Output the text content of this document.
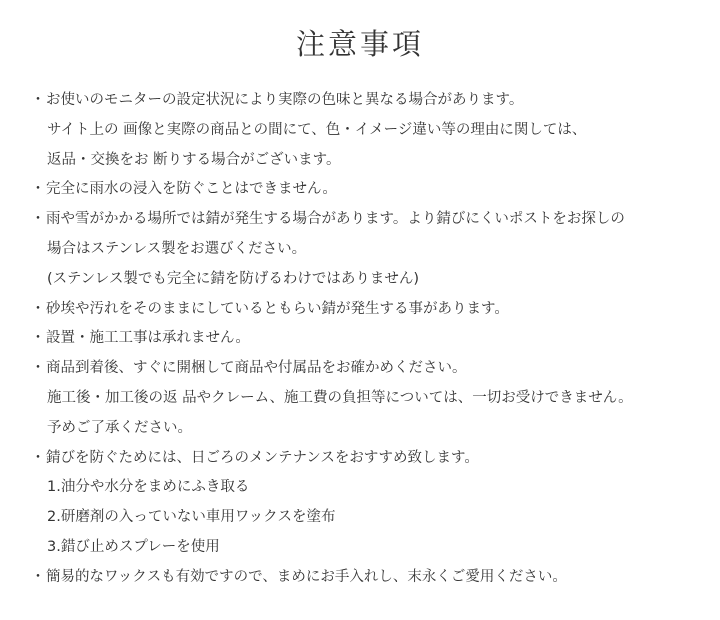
注意事項
・ お使いのモニターの設定状況により実際の色味と異なる場合があります。
サイト上の 画像と実際の商品との間にて、色・イメージ違い等の理由に関しては、
返品・交換をお 断りする場合がございます。
・ 完全に雨水の浸入を防ぐことはできません。
・ 雨や雪がかかる場所では錆が発生する場合があります。より錆びにくいポストをお探しの
場合はステンレス製をお選びください。
(ステンレス製でも完全に錆を防げるわけではありません)
・ 砂埃や汚れをそのままにしているともらい錆が発生する事があります。
・ 設置・施工工事は承れません。
・ 商品到着後、すぐに開梱して商品や付属品をお確かめください。
施工後・加工後の返 品やクレーム、施工費の負担等については、一切お受けできません。
予めご了承ください。
・ 錆びを防ぐためには、日ごろのメンテナンスをおすすめ致します。
1.油分や水分をまめにふき取る
2.研磨剤の入っていない車用ワックスを塗布
3.錯び止めスプレーを使用
・ 簡易的なワックスも有効ですので、まめにお手入れし、末永くご愛用ください。
